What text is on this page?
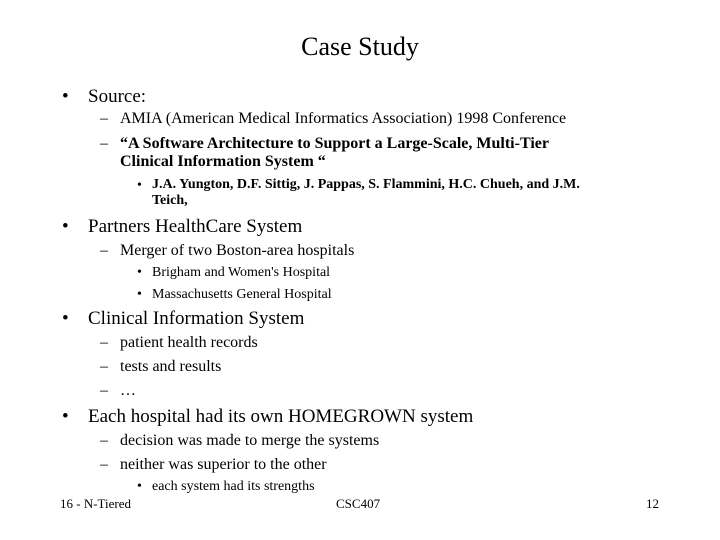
Case Study
• Source:
– AMIA (American Medical Informatics Association) 1998 Conference
– “A Software Architecture to Support a Large-Scale, Multi-Tier
Clinical Information System “
• J.A. Yungton, D.F. Sittig, J. Pappas, S. Flammini, H.C. Chueh, and J.M.
Teich,
• Partners HealthCare System
– Merger of two Boston-area hospitals
• Brigham and Women's Hospital
• Massachusetts General Hospital
• Clinical Information System
– patient health records
– tests and results
– …
• Each hospital had its own HOMEGROWN system
– decision was made to merge the systems
– neither was superior to the other
• each system had its strengths
16 - N-Tiered	CSC407	12
